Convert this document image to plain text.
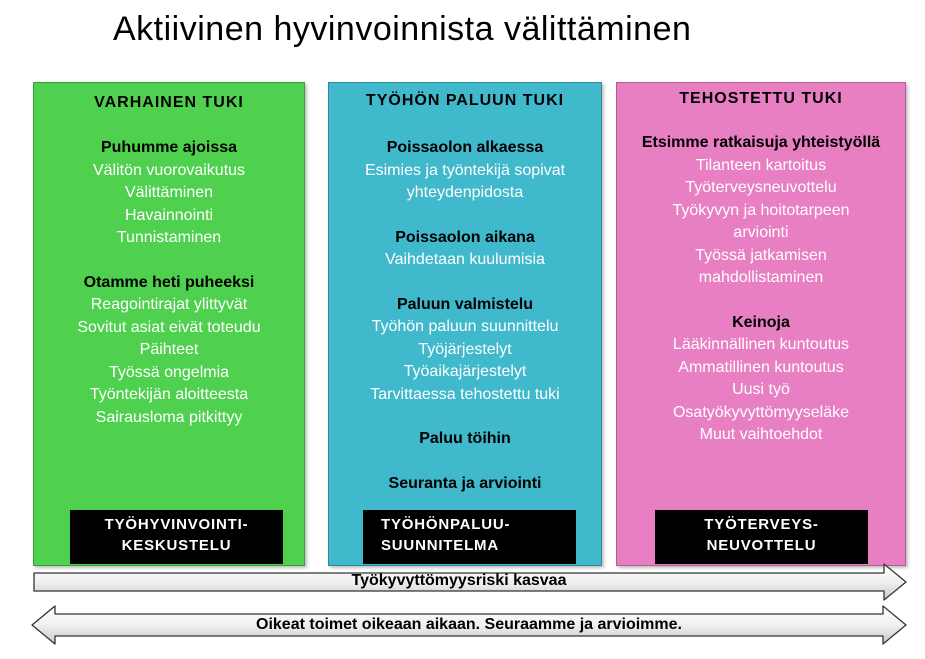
Aktiivinen hyvinvoinnista välittäminen
VARHAINEN TUKI
Puhumme ajoissa
Välitön vuorovaikutus
Välittäminen
Havainnointi
Tunnistaminen
Otamme heti puheeksi
Reagointirajat ylittyvät
Sovitut asiat eivät toteudu
Päihteet
Työssä ongelmia
Työntekijän aloitteesta
Sairausloma pitkittyy
TYÖHÖN PALUUN TUKI
Poissaolon alkaessa
Esimies ja työntekijä sopivat
yhteydenpidosta
Poissaolon aikana
Vaihdetaan kuulumisia
Paluun valmistelu
Työhön paluun suunnittelu
Työjärjestelyt
Työaikajärjestelyt
Tarvittaessa tehostettu tuki
Paluu töihin
Seuranta ja arviointi
TEHOSTETTU TUKI
Etsimme ratkaisuja yhteistyöllä
Tilanteen kartoitus
Työterveysneuvottelu
Työkyvyn ja hoitotarpeen
arviointi
Työssä jatkamisen
mahdollistaminen
Keinoja
Lääkinnällinen kuntoutus
Ammatillinen kuntoutus
Uusi työ
Osatyökyvyttömyyseläke
Muut vaihtoehdot
TYÖHYVINVOINTI-
KESKUSTELU
TYÖHÖNPALUU-
SUUNNITELMA
TYÖTERVEYS-
NEUVOTTELU
Työkyvyttömyysriski kasvaa
Oikeat toimet oikeaan aikaan. Seuraamme ja arvioimme.
